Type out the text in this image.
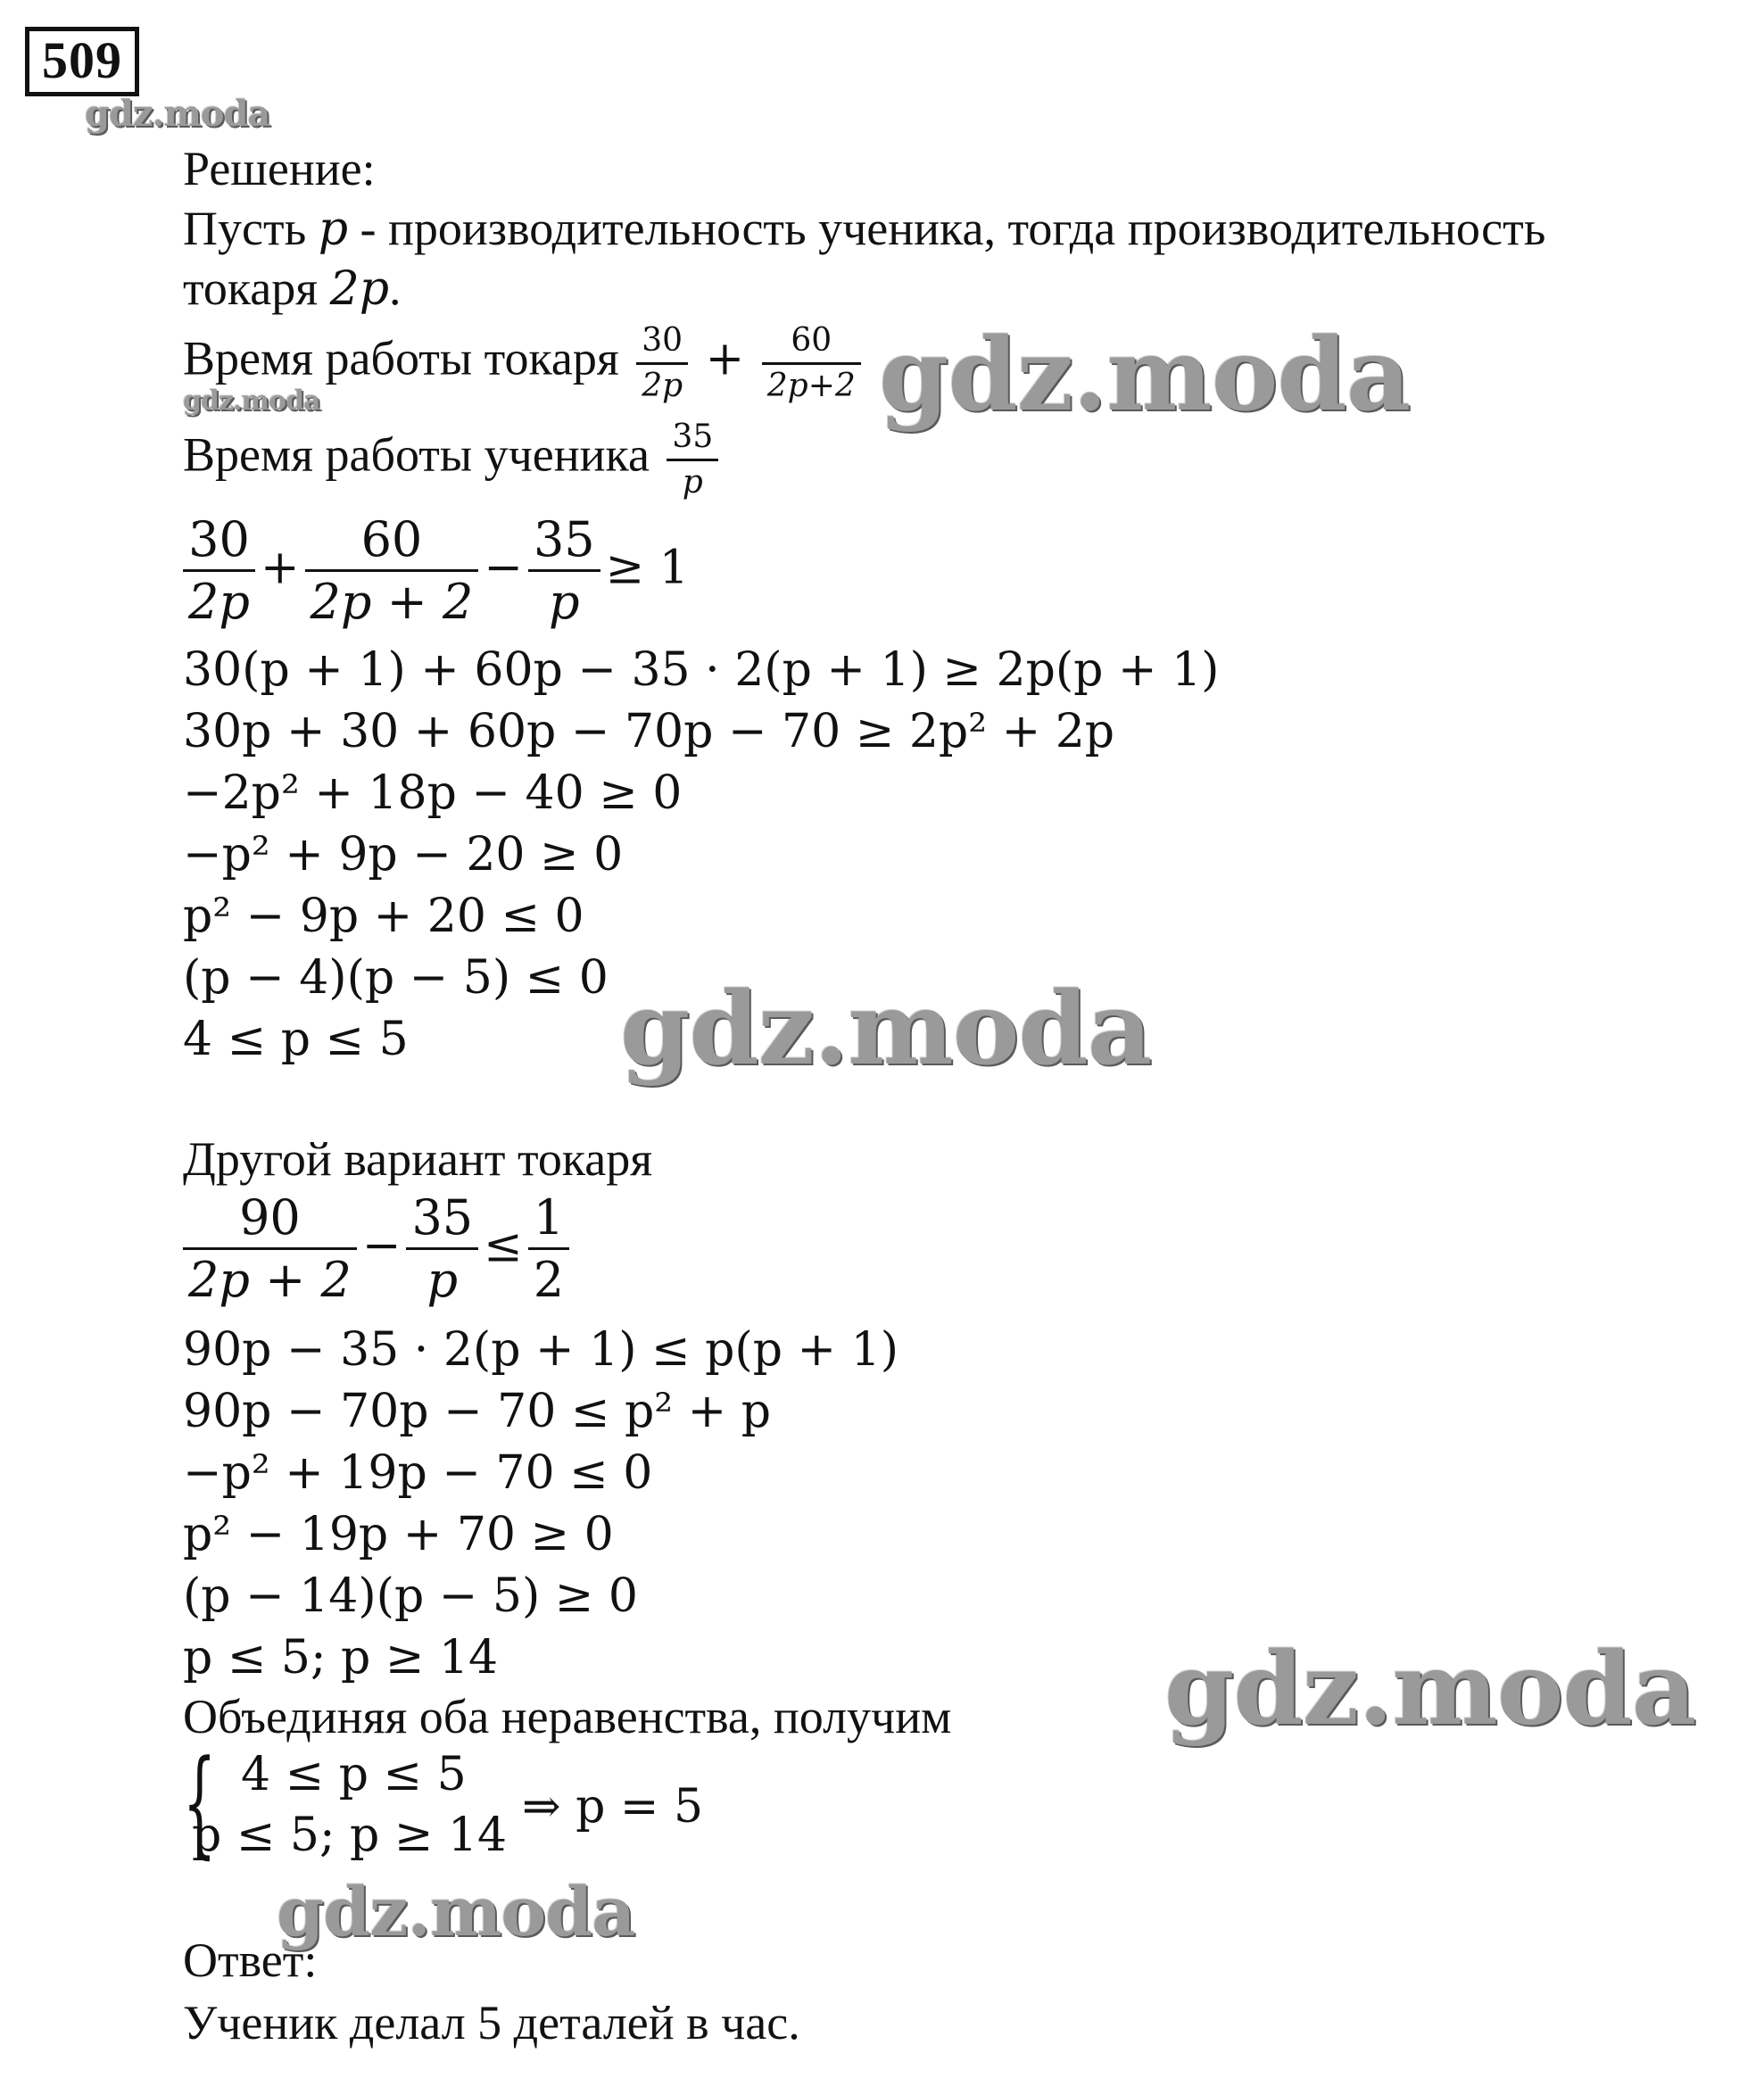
509
gdz.moda
gdz.moda	gdz.moda
gdz.moda
gdz.moda
gdz.moda
Решение:
Пусть p - производительность ученика, тогда производительность
токаря 2p.
Время работы токаря $\frac{30}{2p} + \frac{60}{2p+2}$
Время работы ученика $\frac{35}{p}$
$\frac{30}{2p} + \frac{60}{2p + 2} - \frac{35}{p} \ge 1$
30(p + 1) + 60p − 35 · 2(p + 1) ≥ 2p(p + 1)
30p + 30 + 60p − 70p − 70 ≥ 2p² + 2p
−2p² + 18p − 40 ≥ 0
−p² + 9p − 20 ≥ 0
p² − 9p + 20 ≤ 0
(p − 4)(p − 5) ≤ 0
4 ≤ p ≤ 5
Другой вариант токаря
$\frac{90}{2p + 2} - \frac{35}{p} \le \frac{1}{2}$
90p − 35 · 2(p + 1) ≤ p(p + 1)
90p − 70p − 70 ≤ p² + p
−p² + 19p − 70 ≤ 0
p² − 19p + 70 ≥ 0
(p − 14)(p − 5) ≥ 0
p ≤ 5; p ≥ 14
Объединяя оба неравенства, получим
{ 4 ≤ p ≤ 5
p ≤ 5; p ≥ 14
⇒ p = 5
Ответ:
Ученик делал 5 деталей в час.
